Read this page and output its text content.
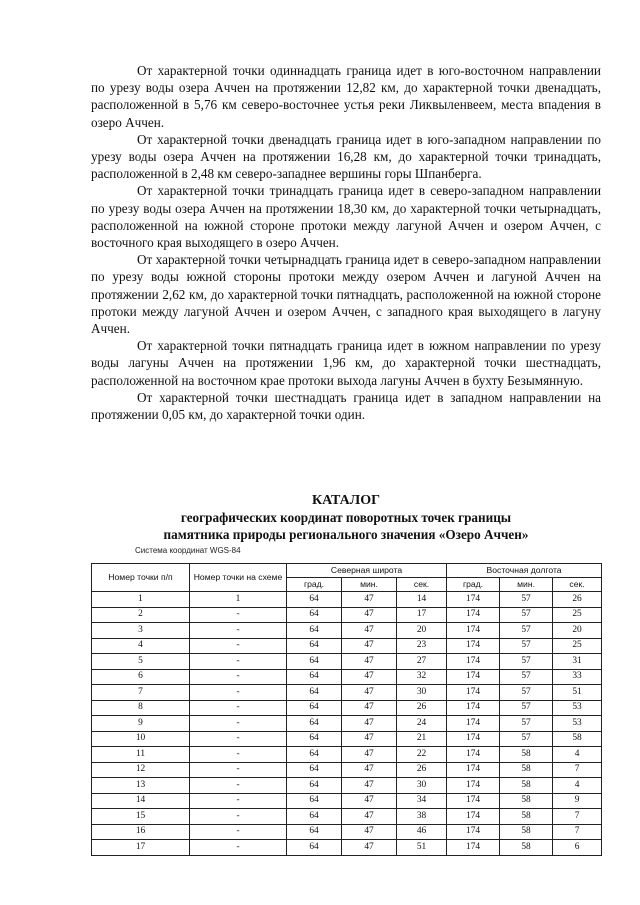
От характерной точки одиннадцать граница идет в юго-восточном направлении по урезу воды озера Аччен на протяжении 12,82 км, до характерной точки двенадцать, расположенной в 5,76 км северо-восточнее устья реки Ликвыленвеем, места впадения в озеро Аччен.

От характерной точки двенадцать граница идет в юго-западном направлении по урезу воды озера Аччен на протяжении 16,28 км, до характерной точки тринадцать, расположенной в 2,48 км северо-западнее вершины горы Шпанберга.

От характерной точки тринадцать граница идет в северо-западном направлении по урезу воды озера Аччен на протяжении 18,30 км, до характерной точки четырнадцать, расположенной на южной стороне протоки между лагуной Аччен и озером Аччен, с восточного края выходящего в озеро Аччен.

От характерной точки четырнадцать граница идет в северо-западном направлении по урезу воды южной стороны протоки между озером Аччен и лагуной Аччен на протяжении 2,62 км, до характерной точки пятнадцать, расположенной на южной стороне протоки между лагуной Аччен и озером Аччен, с западного края выходящего в лагуну Аччен.

От характерной точки пятнадцать граница идет в южном направлении по урезу воды лагуны Аччен на протяжении 1,96 км, до характерной точки шестнадцать, расположенной на восточном крае протоки выхода лагуны Аччен в бухту Безымянную.

От характерной точки шестнадцать граница идет в западном направлении на протяжении 0,05 км, до характерной точки один.

КАТАЛОГ
географических координат поворотных точек границы
памятника природы регионального значения «Озеро Аччен»
Система координат WGS-84
Номер точки п/п	Номер точки на схеме	Северная широта			Восточная долгота		
		град.	мин.	сек.	град.	мин.	сек.
1	1	64	47	14	174	57	26
2	-	64	47	17	174	57	25
3	-	64	47	20	174	57	20
4	-	64	47	23	174	57	25
5	-	64	47	27	174	57	31
6	-	64	47	32	174	57	33
7	-	64	47	30	174	57	51
8	-	64	47	26	174	57	53
9	-	64	47	24	174	57	53
10	-	64	47	21	174	57	58
11	-	64	47	22	174	58	4
12	-	64	47	26	174	58	7
13	-	64	47	30	174	58	4
14	-	64	47	34	174	58	9
15	-	64	47	38	174	58	7
16	-	64	47	46	174	58	7
17	-	64	47	51	174	58	6
